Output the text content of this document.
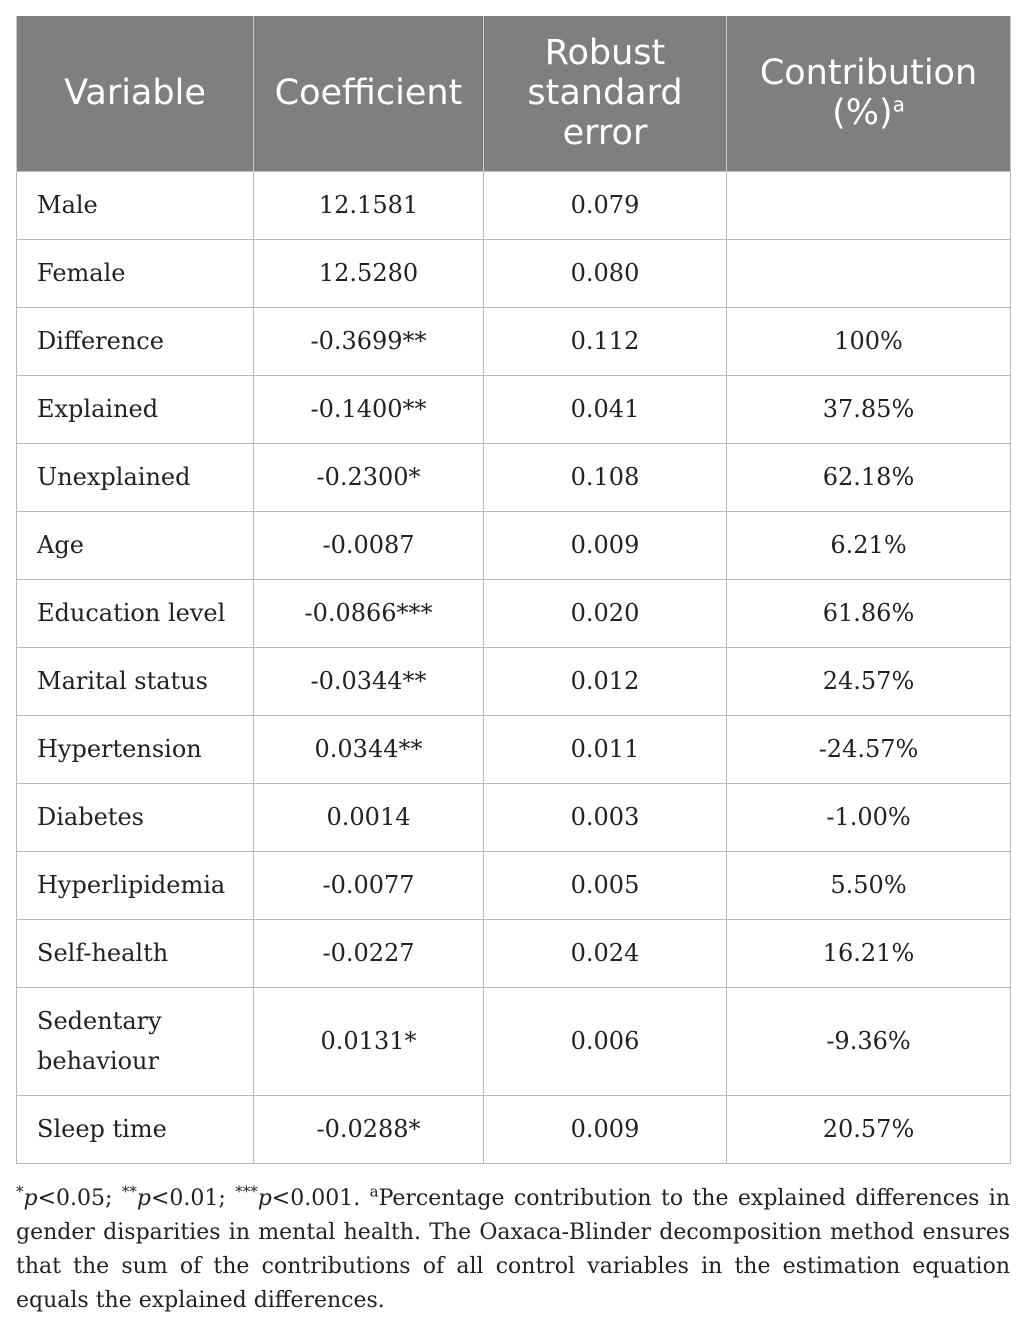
Variable	Coefficient	Robust standard error	Contribution (%)$^a$
Male	12.1581	0.079	
Female	12.5280	0.080	
Difference	-0.3699**	0.112	100%
Explained	-0.1400**	0.041	37.85%
Unexplained	-0.2300*	0.108	62.18%
Age	-0.0087	0.009	6.21%
Education level	-0.0866***	0.020	61.86%
Marital status	-0.0344**	0.012	24.57%
Hypertension	0.0344**	0.011	-24.57%
Diabetes	0.0014	0.003	-1.00%
Hyperlipidemia	-0.0077	0.005	5.50%
Self-health	-0.0227	0.024	16.21%
Sedentary behaviour	0.0131*	0.006	-9.36%
Sleep time	-0.0288*	0.009	20.57%

*p<0.05; **p<0.01; ***p<0.001. $^a$Percentage contribution to the explained differences in gender disparities in mental health. The Oaxaca-Blinder decomposition method ensures that the sum of the contributions of all control variables in the estimation equation equals the explained differences.
